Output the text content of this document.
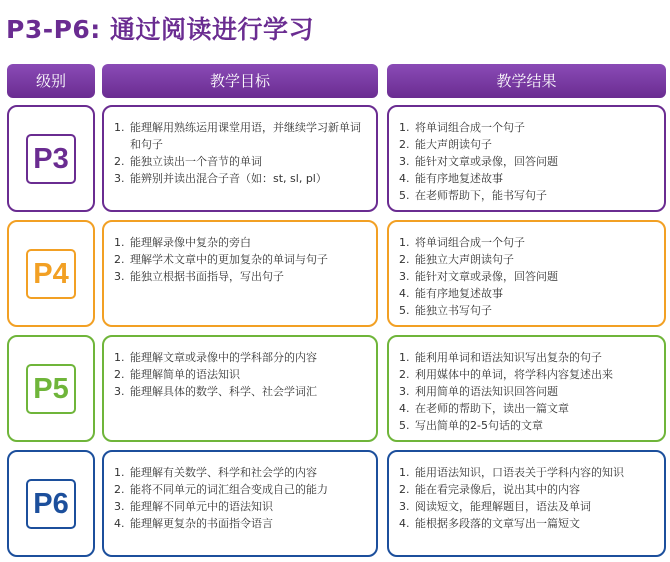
P3-P6: 通过阅读进行学习
级别	教学目标	教学结果
P3
1. 能理解用熟练运用课堂用语，并继续学习新单词和句子
2. 能独立读出一个音节的单词
3. 能辨别并读出混合子音（如：st, sl, pl）
1. 将单词组合成一个句子
2. 能大声朗读句子
3. 能针对文章或录像，回答问题
4. 能有序地复述故事
5. 在老师帮助下，能书写句子
P4
1. 能理解录像中复杂的旁白
2. 理解学术文章中的更加复杂的单词与句子
3. 能独立根据书面指导，写出句子
1. 将单词组合成一个句子
2. 能独立大声朗读句子
3. 能针对文章或录像，回答问题
4. 能有序地复述故事
5. 能独立书写句子
P5
1. 能理解文章或录像中的学科部分的内容
2. 能理解简单的语法知识
3. 能理解具体的数学、科学、社会学词汇
1. 能利用单词和语法知识写出复杂的句子
2. 利用媒体中的单词，将学科内容复述出来
3. 利用简单的语法知识回答问题
4. 在老师的帮助下，读出一篇文章
5. 写出简单的2-5句话的文章
P6
1. 能理解有关数学、科学和社会学的内容
2. 能将不同单元的词汇组合变成自己的能力
3. 能理解不同单元中的语法知识
4. 能理解更复杂的书面指令语言
1. 能用语法知识，口语表关于学科内容的知识
2. 能在看完录像后，说出其中的内容
3. 阅读短文，能理解题目，语法及单词
4. 能根据多段落的文章写出一篇短文
